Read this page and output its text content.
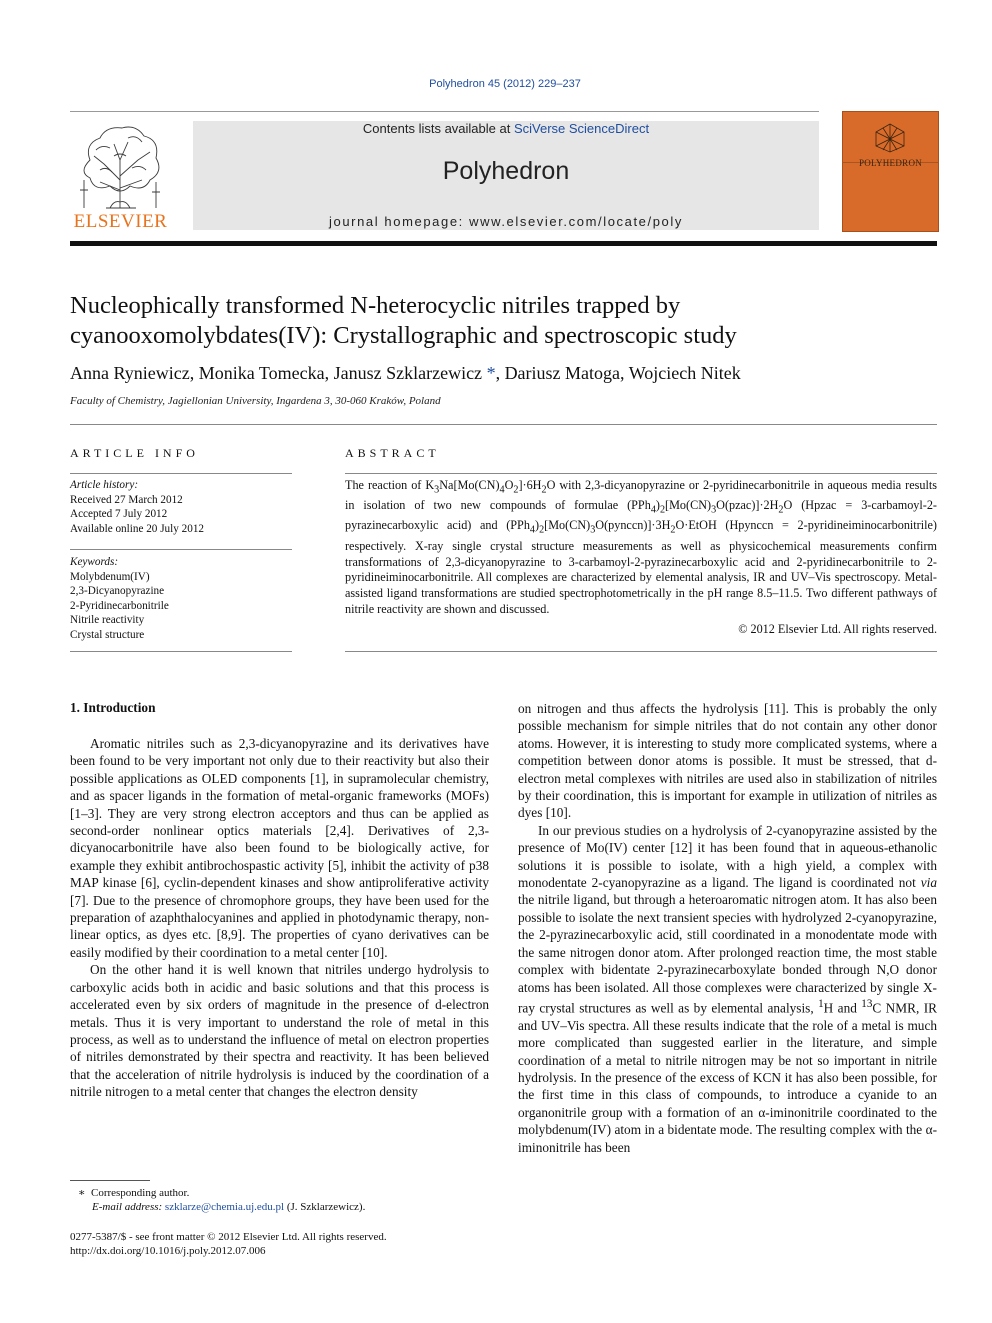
Polyhedron 45 (2012) 229–237
ELSEVIER
Contents lists available at SciVerse ScienceDirect
Polyhedron
journal homepage: www.elsevier.com/locate/poly
POLYHEDRON
Nucleophically transformed N-heterocyclic nitriles trapped by
cyanooxomolybdates(IV): Crystallographic and spectroscopic study
Anna Ryniewicz, Monika Tomecka, Janusz Szklarzewicz *, Dariusz Matoga, Wojciech Nitek
Faculty of Chemistry, Jagiellonian University, Ingardena 3, 30-060 Kraków, Poland
ARTICLE INFO
Article history:
Received 27 March 2012
Accepted 7 July 2012
Available online 20 July 2012
Keywords:
Molybdenum(IV)
2,3-Dicyanopyrazine
2-Pyridinecarbonitrile
Nitrile reactivity
Crystal structure
ABSTRACT
The reaction of $K_3Na[Mo(CN)_4O_2]\cdot 6H_2O$ with 2,3-dicyanopyrazine or 2-pyridinecarbonitrile in aqueous media results in isolation of two new compounds of formulae $(PPh_4)_2[Mo(CN)_3O(pzac)]\cdot 2H_2O$ (Hpzac = 3-carbamoyl-2-pyrazinecarboxylic acid) and $(PPh_4)_2[Mo(CN)_3O(pynccn)]\cdot 3H_2O\cdot EtOH$ (Hpynccn = 2-pyridineiminocarbonitrile) respectively. X-ray single crystal structure measurements as well as physicochemical measurements confirm transformations of 2,3-dicyanopyrazine to 3-carbamoyl-2-pyrazinecarboxylic acid and 2-pyridinecarbonitrile to 2-pyridineiminocarbonitrile. All complexes are characterized by elemental analysis, IR and UV–Vis spectroscopy. Metal-assisted ligand transformations are studied spectrophotometrically in the pH range 8.5–11.5. Two different pathways of nitrile reactivity are shown and discussed.
© 2012 Elsevier Ltd. All rights reserved.
1. Introduction

Aromatic nitriles such as 2,3-dicyanopyrazine and its derivatives have been found to be very important not only due to their reactivity but also their possible applications as OLED components [1], in supramolecular chemistry, and as spacer ligands in the formation of metal-organic frameworks (MOFs) [1–3]. They are very strong electron acceptors and thus can be applied as second-order nonlinear optics materials [2,4]. Derivatives of 2,3-dicyanocarbonitrile have also been found to be biologically active, for example they exhibit antibrochospastic activity [5], inhibit the activity of p38 MAP kinase [6], cyclin-dependent kinases and show antiproliferative activity [7]. Due to the presence of chromophore groups, they have been used for the preparation of azaphthalocyanines and applied in photodynamic therapy, non-linear optics, as dyes etc. [8,9]. The properties of cyano derivatives can be easily modified by their coordination to a metal center [10].

On the other hand it is well known that nitriles undergo hydrolysis to carboxylic acids both in acidic and basic solutions and that this process is accelerated even by six orders of magnitude in the presence of d-electron metals. Thus it is very important to understand the role of metal in this process, as well as to understand the influence of metal on electron properties of nitriles demonstrated by their spectra and reactivity. It has been believed that the acceleration of nitrile hydrolysis is induced by the coordination of a nitrile nitrogen to a metal center that changes the electron density

on nitrogen and thus affects the hydrolysis [11]. This is probably the only possible mechanism for simple nitriles that do not contain any other donor atoms. However, it is interesting to study more complicated systems, where a competition between donor atoms is possible. It must be stressed, that d-electron metal complexes with nitriles are used also in stabilization of nitriles by their coordination, this is important for example in utilization of nitriles as dyes [10].

In our previous studies on a hydrolysis of 2-cyanopyrazine assisted by the presence of Mo(IV) center [12] it has been found that in aqueous-ethanolic solutions it is possible to isolate, with a high yield, a complex with monodentate 2-cyanopyrazine as a ligand. The ligand is coordinated not via the nitrile ligand, but through a heteroaromatic nitrogen atom. It has also been possible to isolate the next transient species with hydrolyzed 2-cyanopyrazine, the 2-pyrazinecarboxylic acid, still coordinated in a monodentate mode with the same nitrogen donor atom. After prolonged reaction time, the most stable complex with bidentate 2-pyrazinecarboxylate bonded through N,O donor atoms has been isolated. All those complexes were characterized by single X-ray crystal structures as well as by elemental analysis, $^1$H and $^{13}$C NMR, IR and UV–Vis spectra. All these results indicate that the role of a metal is much more complicated than suggested earlier in the literature, and simple coordination of a metal to nitrile nitrogen may be not so important in nitrile hydrolysis. In the presence of the excess of KCN it has also been possible, for the first time in this class of compounds, to introduce a cyanide to an organonitrile group with a formation of an α-iminonitrile coordinated to the molybdenum(IV) atom in a bidentate mode. The resulting complex with the α-iminonitrile has been

∗  Corresponding author.
E-mail address: szklarze@chemia.uj.edu.pl (J. Szklarzewicz).
0277-5387/$ - see front matter © 2012 Elsevier Ltd. All rights reserved.
http://dx.doi.org/10.1016/j.poly.2012.07.006
